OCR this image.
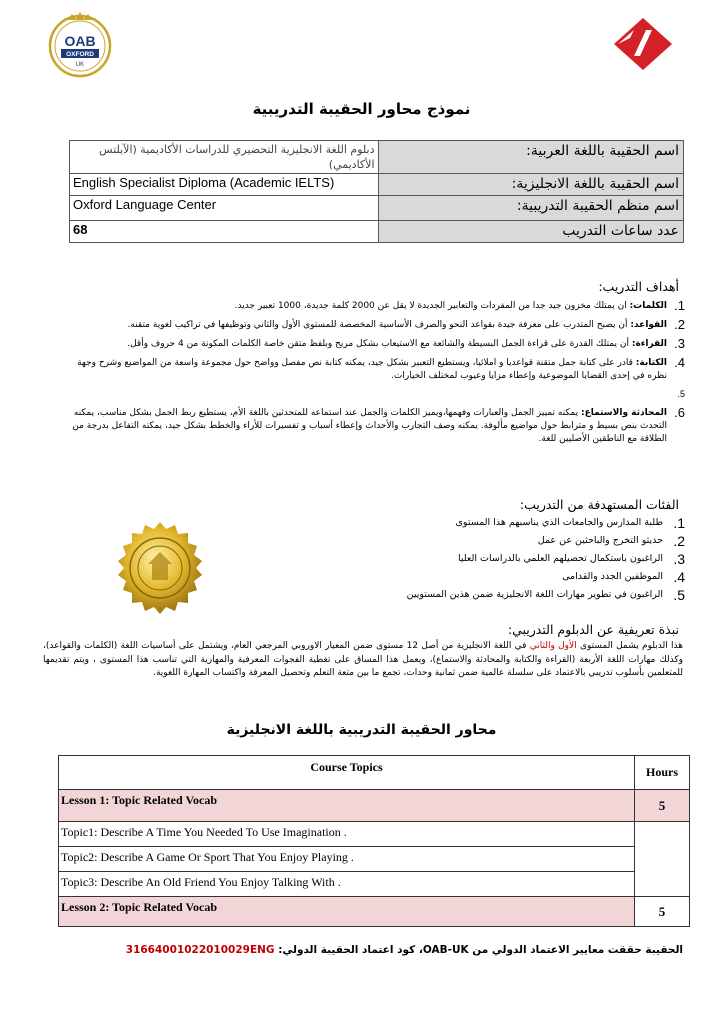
OAB
OXFORD
UK
نموذج محاور الحقيبة التدريبية
اسم الحقيبة باللغة العربية:	دبلوم اللغة الانجليزية التحضيري للدراسات الأكاديمية (الآيلتس الأكاديمي)
اسم الحقيبة باللغة الانجليزية:	English Specialist Diploma (Academic IELTS)
اسم منظم الحقيبة التدريبية:	Oxford Language Center
عدد ساعات التدريب	68
أهداف التدريب:
1.
الكلمات: ان يمتلك مخزون جيد جدا من المفردات والتعابير الجديدة لا يقل عن 2000 كلمة جديدة، 1000 تعبير جديد.
2.
القواعد: أن يصبح المتدرب على معرفة جيدة بقواعد النحو والصرف الأساسية المخصصة للمستوى الأول والثاني وتوظيفها في تراكيب لغوية متقنه.
3.
القراءة: أن يمتلك القدرة على قراءة الجمل البسيطة والشائعة مع الاستيعاب بشكل مريح وبلفظ متقن خاصة الكلمات المكونة من 4 حروف وأقل.
4.
الكتابة: قادر على كتابة جمل متقنة قواعديا و املائيا، ويستطيع التعبير بشكل جيد، يمكنه كتابة نص مفصل وواضح حول مجموعة واسعة من المواضيع وشرح وجهة نظره في إحدى القضايا الموضوعية وإعطاء مزايا وعيوب لمختلف الخيارات.
5.
6.
المحادثة والاستماع: يمكنه تمييز الجمل والعبارات وفهمها،ويميز الكلمات والجمل عند استماعه للمتحدثين باللغة الأم، يستطيع ربط الجمل بشكل مناسب، يمكنه التحدث بنص بسيط و مترابط حول مواضيع مألوفة. يمكنه وصف التجارب والأحداث وإعطاء أسباب و تفسيرات للأراء والخطط بشكل جيد، يمكنه التفاعل بدرجة من الطلاقة مع الناطقين الأصليين للغة.
الفئات المستهدفة من التدريب:
1.
طلبة المدارس والجامعات الذي يناسبهم هذا المستوى
2.
حديثو التخرج والباحثين عن عمل
3.
الراغبون باستكمال تحصيلهم العلمي بالدراسات العليا
4.
الموظفين الجدد والقدامى
5.
الراغبون في تطوير مهارات اللغة الانجليزية ضمن هذين المستويين
نبذة تعريفية عن الدبلوم التدريبي:
هذا الدبلوم يشمل المستوى الأول والثاني في اللغة الانجليزية من أصل 12 مستوى ضمن المعيار الاوروبي المرجعي العام، ويشتمل على أساسيات اللغة (الكلمات والقواعد)، وكذلك مهارات اللغة الأربعة (القراءة والكتابة والمحادثة والاستماع)، ويعمل هذا المساق على تغطية الفجوات المعرفية والمهارية التي تناسب هذا المستوى ، ويتم تقديمها للمتعلمين بأسلوب تدريبي بالاعتماد على سلسلة عالمية ضمن ثمانية وحدات، تجمع ما بين متعة التعلم وتحصيل المعرفة واكتساب المهارة اللغوية.
محاور الحقيبة التدريبية باللغة الانجليزية
Course Topics	Hours
Lesson 1: Topic Related Vocab	5
Topic1: Describe A Time You Needed To Use Imagination .	
Topic2: Describe A Game Or Sport That You Enjoy Playing .	
Topic3: Describe An Old Friend You Enjoy Talking With .	
Lesson 2: Topic Related Vocab	5
الحقيبة حققت معايير الاعتماد الدولي من OAB-UK، كود اعتماد الحقيبة الدولي: 31664001022010029ENG
